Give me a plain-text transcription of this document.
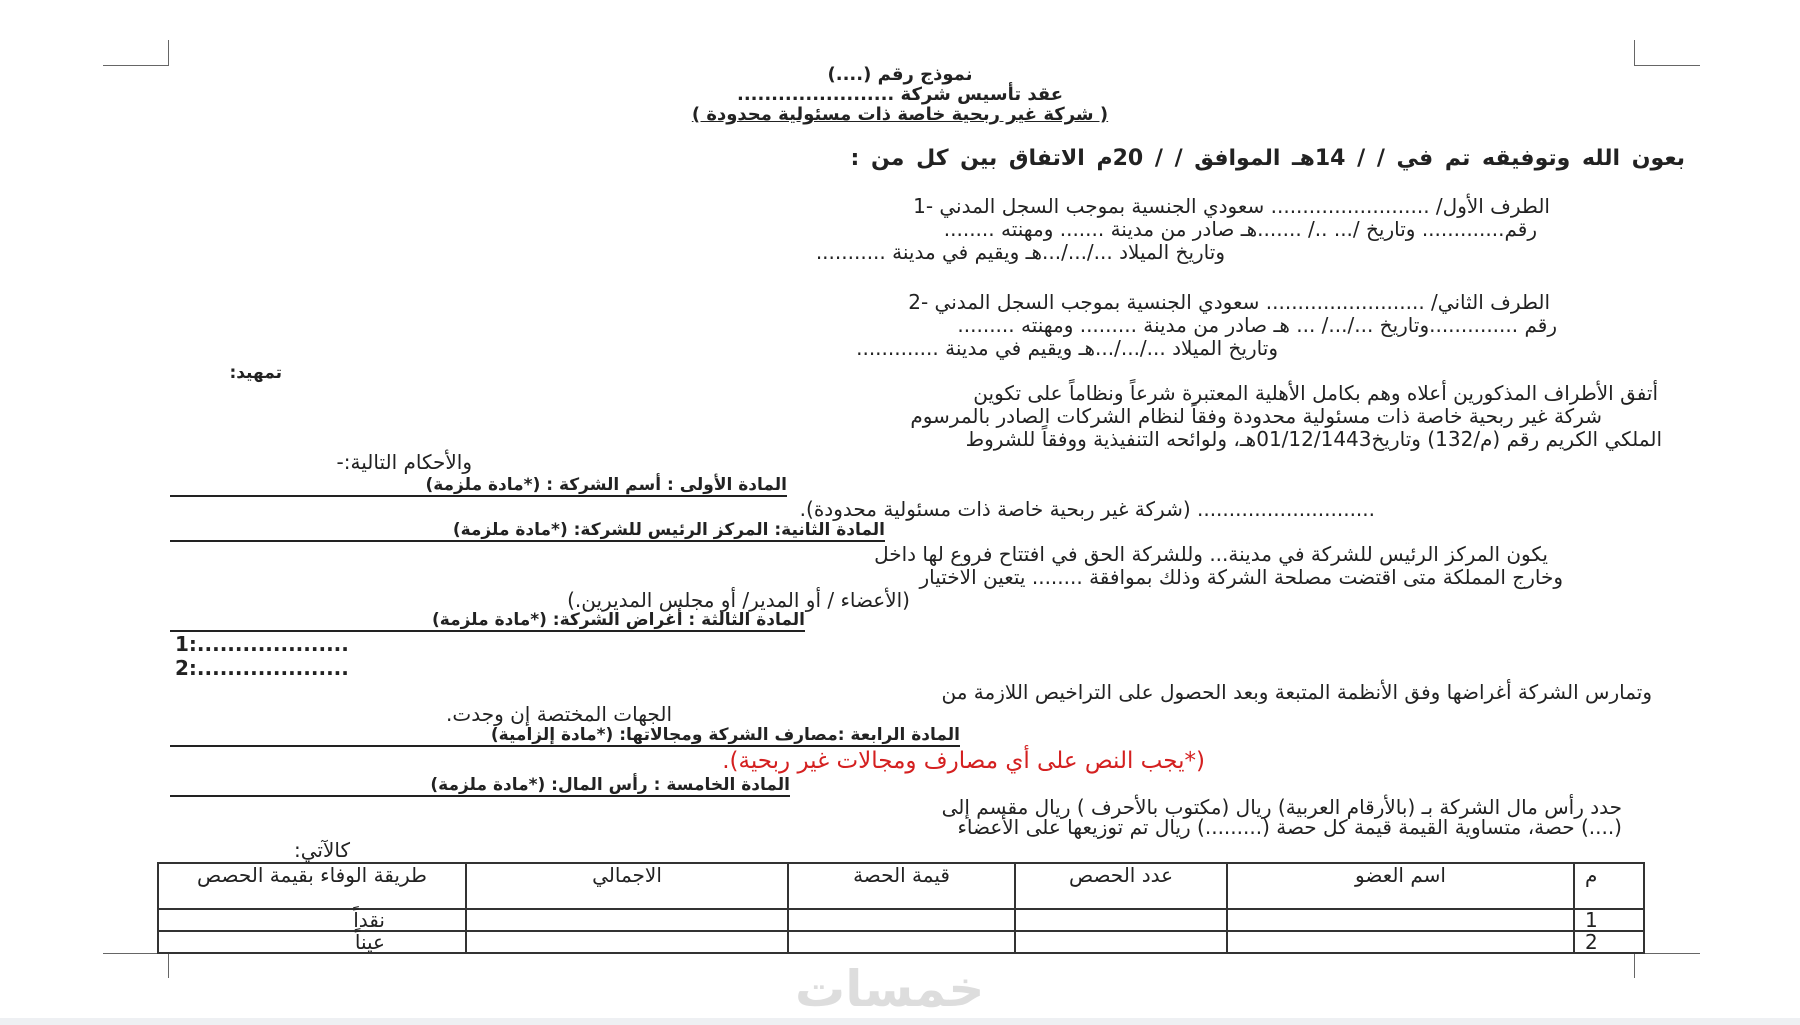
نموذج رقم (....)
عقد تأسيس شركة .......................
( شركة غير ربحية خاصة ذات مسئولية محدودة )
بعون الله وتوفيقه تم في / / 14هـ الموافق / / 20م الاتفاق بين كل من :
الطرف الأول/ ......................... سعودي الجنسية بموجب السجل المدني -1
رقم............. وتاريخ /... ../ .......هـ صادر من مدينة ....... ومهنته ........
وتاريخ الميلاد .../.../...هـ ويقيم في مدينة ...........
الطرف الثاني/ ......................... سعودي الجنسية بموجب السجل المدني -2
رقم ..............وتاريخ .../.../ ... هـ صادر من مدينة ......... ومهنته .........
وتاريخ الميلاد .../.../...هـ ويقيم في مدينة .............
تمهيد:
أتفق الأطراف المذكورين أعلاه وهم بكامل الأهلية المعتبرة شرعاً ونظاماً على تكوين
شركة غير ربحية خاصة ذات مسئولية محدودة وفقاً لنظام الشركات الصادر بالمرسوم
الملكي الكريم رقم (م/132) وتاريخ01/12/1443هـ، ولوائحه التنفيذية ووفقاً للشروط
والأحكام التالية:-
المادة الأولى : أسم الشركة : (*مادة ملزمة)
............................ (شركة غير ربحية خاصة ذات مسئولية محدودة).
المادة الثانية: المركز الرئيس للشركة: (*مادة ملزمة)
يكون المركز الرئيس للشركة في مدينة... وللشركة الحق في افتتاح فروع لها داخل
وخارج المملكة متى اقتضت مصلحة الشركة وذلك بموافقة ........ يتعين الاختيار
(الأعضاء / أو المدير/ أو مجلس المديرين.)
المادة الثالثة : أغراض الشركة: (*مادة ملزمة)
1:....................
2:....................
وتمارس الشركة أغراضها وفق الأنظمة المتبعة وبعد الحصول على التراخيص اللازمة من
الجهات المختصة إن وجدت.
المادة الرابعة :مصارف الشركة ومجالاتها: (*مادة إلزامية)
(*يجب النص على أي مصارف ومجالات غير ربحية).
المادة الخامسة : رأس المال: (*مادة ملزمة)
حدد رأس مال الشركة بـ (بالأرقام العربية) ريال (مكتوب بالأحرف ) ريال مقسم إلى
(....) حصة، متساوية القيمة قيمة كل حصة (.........) ريال تم توزيعها على الأعضاء
كالآتي:
م	اسم العضو	عدد الحصص	قيمة الحصة	الاجمالي	طريقة الوفاء بقيمة الحصص
1					نقداً
2					عيناً
خمسات
